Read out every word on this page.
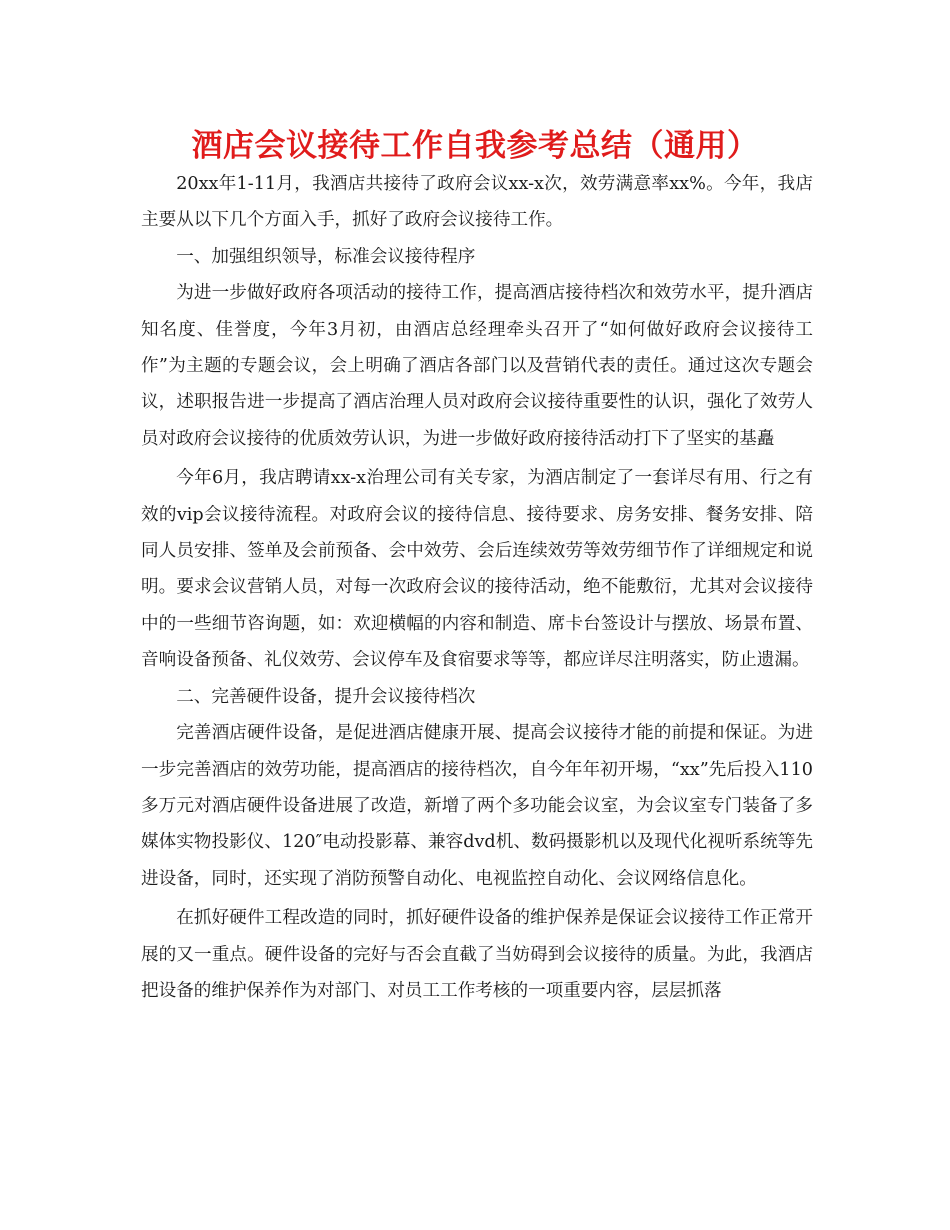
酒店会议接待工作自我参考总结（通用）

20xx年1-11月，我酒店共接待了政府会议xx-x次，效劳满意率xx%。今年，我店主要从以下几个方面入手，抓好了政府会议接待工作。

一、加强组织领导，标准会议接待程序

为进一步做好政府各项活动的接待工作，提高酒店接待档次和效劳水平，提升酒店知名度、佳誉度，今年3月初，由酒店总经理牵头召开了“如何做好政府会议接待工作”为主题的专题会议，会上明确了酒店各部门以及营销代表的责任。通过这次专题会议，述职报告进一步提高了酒店治理人员对政府会议接待重要性的认识，强化了效劳人员对政府会议接待的优质效劳认识，为进一步做好政府接待活动打下了坚实的基矗

今年6月，我店聘请xx-x治理公司有关专家，为酒店制定了一套详尽有用、行之有效的vip会议接待流程。对政府会议的接待信息、接待要求、房务安排、餐务安排、陪同人员安排、签单及会前预备、会中效劳、会后连续效劳等效劳细节作了详细规定和说明。要求会议营销人员，对每一次政府会议的接待活动，绝不能敷衍，尤其对会议接待中的一些细节咨询题，如：欢迎横幅的内容和制造、席卡台签设计与摆放、场景布置、音响设备预备、礼仪效劳、会议停车及食宿要求等等，都应详尽注明落实，防止遗漏。

二、完善硬件设备，提升会议接待档次

完善酒店硬件设备，是促进酒店健康开展、提高会议接待才能的前提和保证。为进一步完善酒店的效劳功能，提高酒店的接待档次，自今年年初开埸，“xx”先后投入110多万元对酒店硬件设备进展了改造，新增了两个多功能会议室，为会议室专门装备了多媒体实物投影仪、120″电动投影幕、兼容dvd机、数码摄影机以及现代化视听系统等先进设备，同时，还实现了消防预警自动化、电视监控自动化、会议网络信息化。

在抓好硬件工程改造的同时，抓好硬件设备的维护保养是保证会议接待工作正常开展的又一重点。硬件设备的完好与否会直截了当妨碍到会议接待的质量。为此，我酒店把设备的维护保养作为对部门、对员工工作考核的一项重要内容，层层抓落
